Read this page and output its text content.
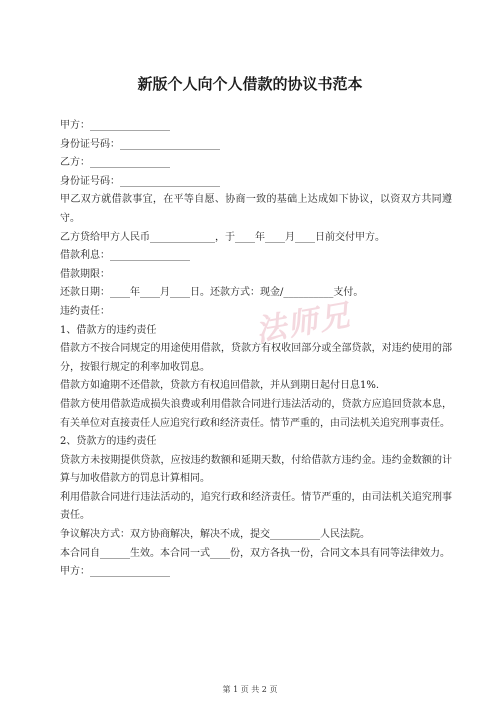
新版个人向个人借款的协议书范本

甲方：________________

身份证号码：____________________

乙方：________________

身份证号码：____________________

甲乙双方就借款事宜，在平等自愿、协商一致的基础上达成如下协议，以资双方共同遵守。

乙方贷给甲方人民币_____________，于____年____月____日前交付甲方。

借款利息：________________

借款期限：

还款日期：____年____月____日。还款方式：现金/__________支付。

违约责任：

1、借款方的违约责任

借款方不按合同规定的用途使用借款，贷款方有权收回部分或全部贷款，对违约使用的部分，按银行规定的利率加收罚息。

借款方如逾期不还借款，贷款方有权追回借款，并从到期日起付日息1%.

借款方使用借款造成损失浪费或利用借款合同进行违法活动的，贷款方应追回贷款本息，有关单位对直接责任人应追究行政和经济责任。情节严重的，由司法机关追究刑事责任。

2、贷款方的违约责任

贷款方未按期提供贷款，应按违约数额和延期天数，付给借款方违约金。违约金数额的计算与加收借款方的罚息计算相同。

利用借款合同进行违法活动的，追究行政和经济责任。情节严重的，由司法机关追究刑事责任。

争议解决方式：双方协商解决，解决不成，提交__________人民法院。

本合同自______生效。本合同一式____份，双方各执一份，合同文本具有同等法律效力。

甲方：________________

法师兄
第 1 页 共 2 页
